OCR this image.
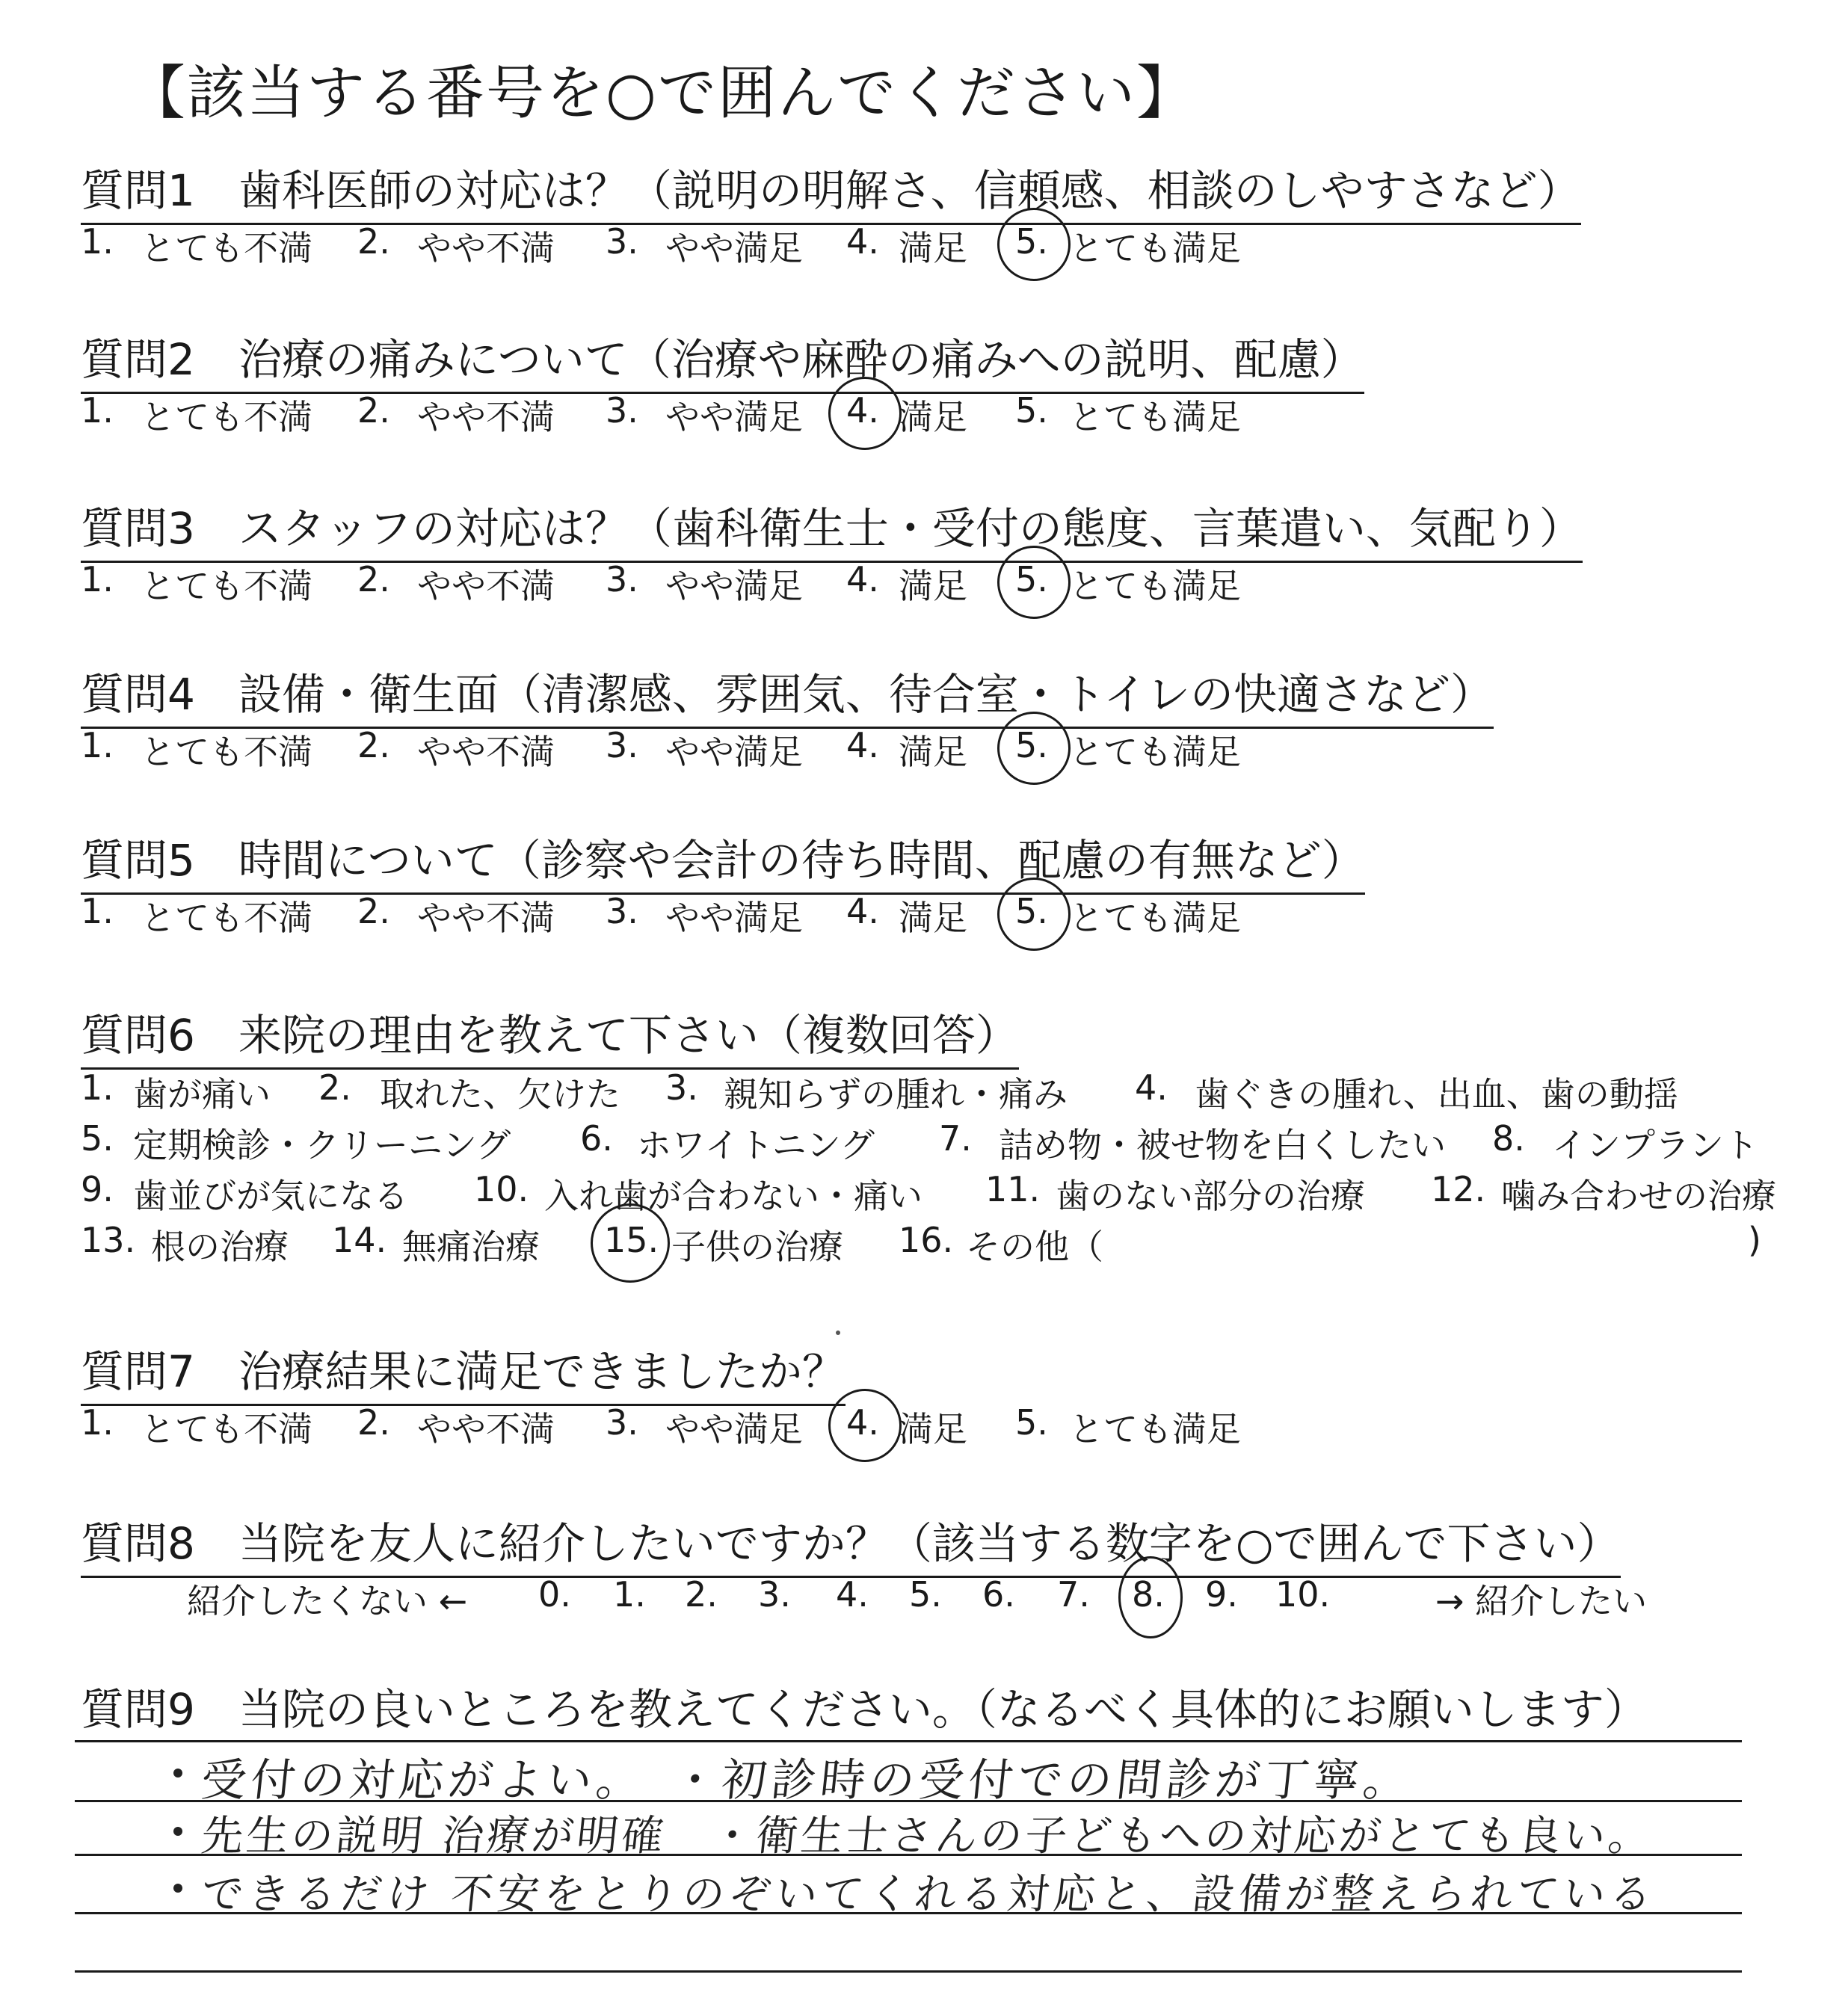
【該当する番号を○で囲んでください】
質問1 歯科医師の対応は？（説明の明解さ、信頼感、相談のしやすさなど）
1. とても不満 2. やや不満 3. やや満足 4. 満足 5. とても満足
質問2 治療の痛みについて（治療や麻酔の痛みへの説明、配慮）
1. とても不満 2. やや不満 3. やや満足 4. 満足 5. とても満足
質問3 スタッフの対応は？（歯科衛生士・受付の態度、言葉遣い、気配り）
1. とても不満 2. やや不満 3. やや満足 4. 満足 5. とても満足
質問4 設備・衛生面（清潔感、雰囲気、待合室・トイレの快適さなど）
1. とても不満 2. やや不満 3. やや満足 4. 満足 5. とても満足
質問5 時間について（診察や会計の待ち時間、配慮の有無など）
1. とても不満 2. やや不満 3. やや満足 4. 満足 5. とても満足
質問6 来院の理由を教えて下さい（複数回答）
1. 歯が痛い 2. 取れた、欠けた 3. 親知らずの腫れ・痛み 4. 歯ぐきの腫れ、出血、歯の動揺
5. 定期検診・クリーニング 6. ホワイトニング 7. 詰め物・被せ物を白くしたい 8. インプラント
9. 歯並びが気になる 10. 入れ歯が合わない・痛い 11. 歯のない部分の治療 12. 噛み合わせの治療
13. 根の治療 14. 無痛治療 15. 子供の治療 16. その他（	)
質問7 治療結果に満足できましたか？
1. とても不満 2. やや不満 3. やや満足 4. 満足 5. とても満足
質問8 当院を友人に紹介したいですか？（該当する数字を○で囲んで下さい）
紹介したくない ←	→ 紹介したい
0. 1. 2. 3. 4. 5. 6. 7. 8. 9. 10.
質問9 当院の良いところを教えてください。（なるべく具体的にお願いします）
受付の対応がよい。　・初診時の受付での問診が丁寧。
先生の説明 治療が明確　・衛生士さんの子どもへの対応がとても良い。
できるだけ 不安をとりのぞいてくれる対応と、設備が整えられている
